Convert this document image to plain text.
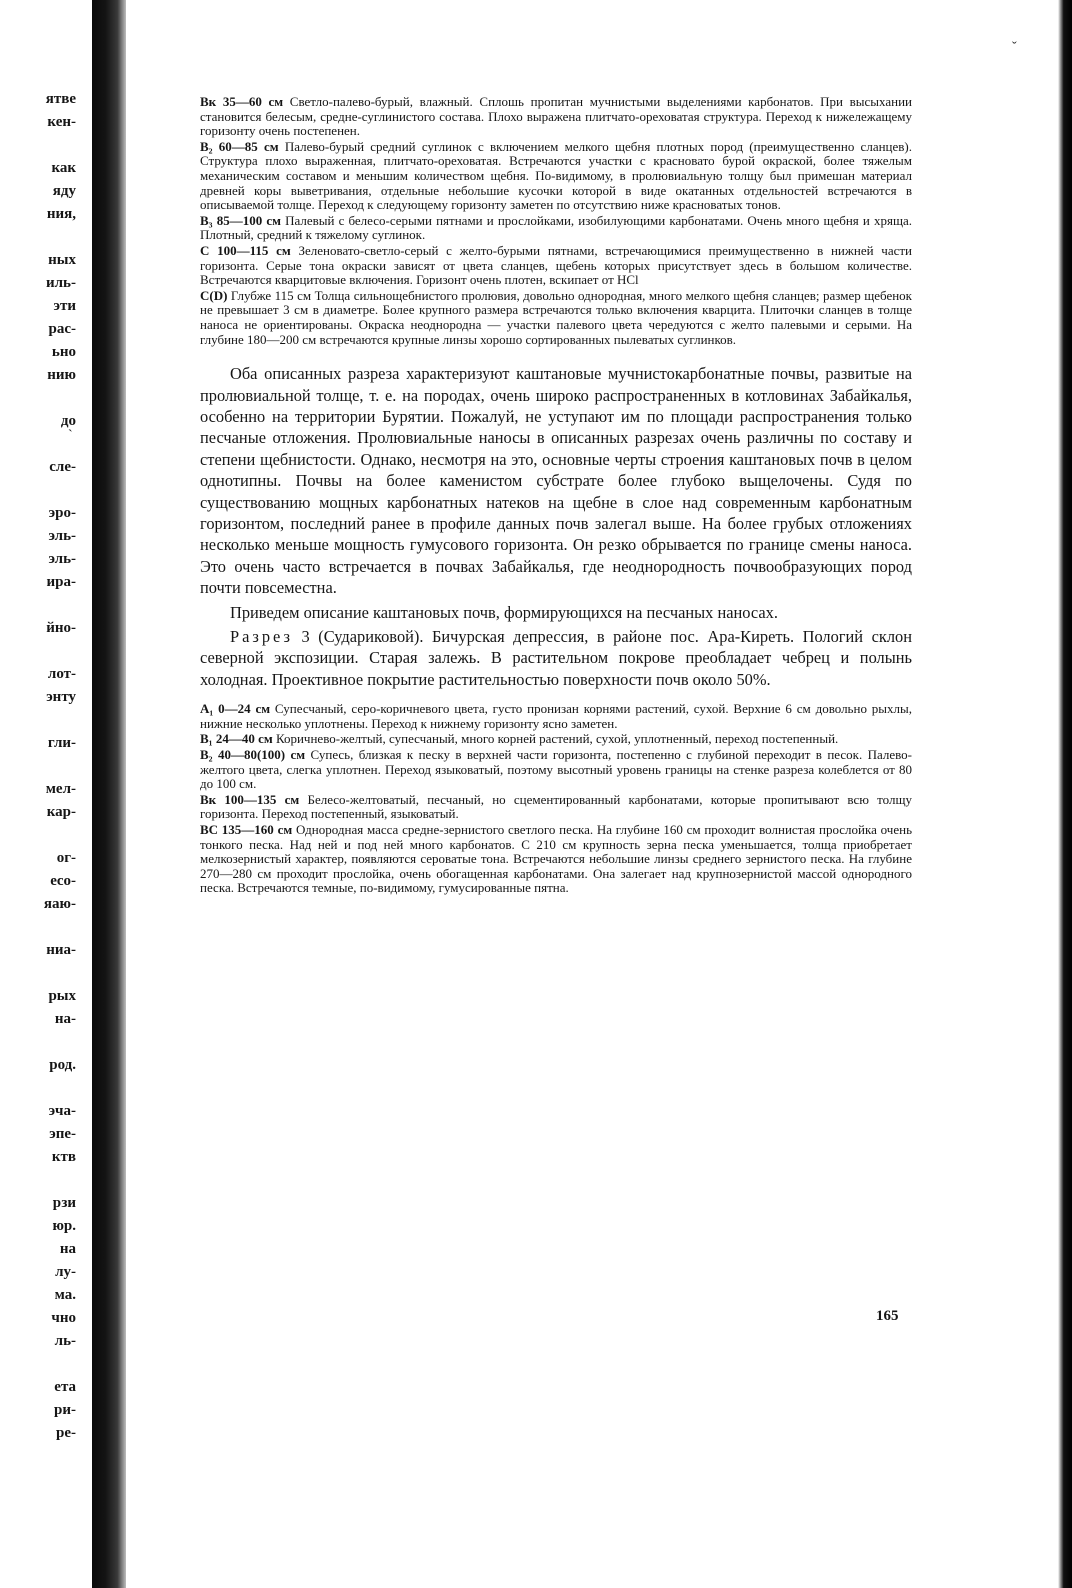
ˇ
ˋ
ятве
кен-
как
яду
ния,
ных
иль-
эти
рас-
ьно
нию
до
сле-
эро-
эль-
эль-
ира-
йно-
лот-
энту
гли-
мел-
кар-
ог-
ecо-
яаю-
ниа-
рых
на-
род.
эча-
эпе-
ктв
рзи
юр.
на
лу-
ма.
чно
ль-
ета
ри-
ре-

Вк 35—60 см Светло-палево-бурый, влажный. Сплошь пропитан мучнистыми выделениями карбонатов. При высыхании становится белесым, средне-суглинистого состава. Плохо выражена плитчато-ореховатая структура. Переход к нижележащему горизонту очень постепенен.

B₂ 60—85 см Палево-бурый средний суглинок с включением мелкого щебня плотных пород (преимущественно сланцев). Структура плохо выраженная, плитчато-ореховатая. Встречаются участки с красновато бурой окраской, более тяжелым механическим составом и меньшим количеством щебня. По-видимому, в пролювиальную толщу был примешан материал древней коры выветривания, отдельные небольшие кусочки которой в виде окатанных отдельностей встречаются в описываемой толще. Переход к следующему горизонту заметен по отсутствию ниже красноватых тонов.

B₃ 85—100 см Палевый с белесо-серыми пятнами и прослойками, изобилующими карбонатами. Очень много щебня и хряща. Плотный, средний к тяжелому суглинок.

C 100—115 см Зеленовато-светло-серый с желто-бурыми пятнами, встречающимися преимущественно в нижней части горизонта. Серые тона окраски зависят от цвета сланцев, щебень которых присутствует здесь в большом количестве. Встречаются кварцитовые включения. Горизонт очень плотен, вскипает от HCl

C(D) Глубже 115 см Толща сильнощебнистого пролювия, довольно однородная, много мелкого щебня сланцев; размер щебенок не превышает 3 см в диаметре. Более крупного размера встречаются только включения кварцита. Плиточки сланцев в толще наноса не ориентированы. Окраска неоднородна — участки палевого цвета чередуются с желто палевыми и серыми. На глубине 180—200 см встречаются крупные линзы хорошо сортированных пылеватых суглинков.

Оба описанных разреза характеризуют каштановые мучнистокарбонатные почвы, развитые на пролювиальной толще, т. е. на породах, очень широко распространенных в котловинах Забайкалья, особенно на территории Бурятии. Пожалуй, не уступают им по площади распространения только песчаные отложения. Пролювиальные наносы в описанных разрезах очень различны по составу и степени щебнистости. Однако, несмотря на это, основные черты строения каштановых почв в целом однотипны. Почвы на более каменистом субстрате более глубоко выщелочены. Судя по существованию мощных карбонатных натеков на щебне в слое над современным карбонатным горизонтом, последний ранее в профиле данных почв залегал выше. На более грубых отложениях несколько меньше мощность гумусового горизонта. Он резко обрывается по границе смены наноса. Это очень часто встречается в почвах Забайкалья, где неоднородность почвообразующих пород почти повсеместна.

Приведем описание каштановых почв, формирующихся на песчаных наносах.

Разрез 3 (Судариковой). Бичурская депрессия, в районе пос. Ара-Киреть. Пологий склон северной экспозиции. Старая залежь. В растительном покрове преобладает чебрец и полынь холодная. Проективное покрытие растительностью поверхности почв около 50%.

A₁ 0—24 см Супесчаный, серо-коричневого цвета, густо пронизан корнями растений, сухой. Верхние 6 см довольно рыхлы, нижние несколько уплотнены. Переход к нижнему горизонту ясно заметен.

B₁ 24—40 см Коричнево-желтый, супесчаный, много корней растений, сухой, уплотненный, переход постепенный.

B₂ 40—80(100) см Супесь, близкая к песку в верхней части горизонта, постепенно с глубиной переходит в песок. Палево-желтого цвета, слегка уплотнен. Переход языковатый, поэтому высотный уровень границы на стенке разреза колеблется от 80 до 100 см.

Вк 100—135 см Белесо-желтоватый, песчаный, но сцементированный карбонатами, которые пропитывают всю толщу горизонта. Переход постепенный, языковатый.

ВС 135—160 см Однородная масса средне-зернистого светлого песка. На глубине 160 см проходит волнистая прослойка очень тонкого песка. Над ней и под ней много карбонатов. С 210 см крупность зерна песка уменьшается, толща приобретает мелкозернистый характер, появляются сероватые тона. Встречаются небольшие линзы среднего зернистого песка. На глубине 270—280 см проходит прослойка, очень обогащенная карбонатами. Она залегает над крупнозернистой массой однородного песка. Встречаются темные, по-видимому, гумусированные пятна.

165
